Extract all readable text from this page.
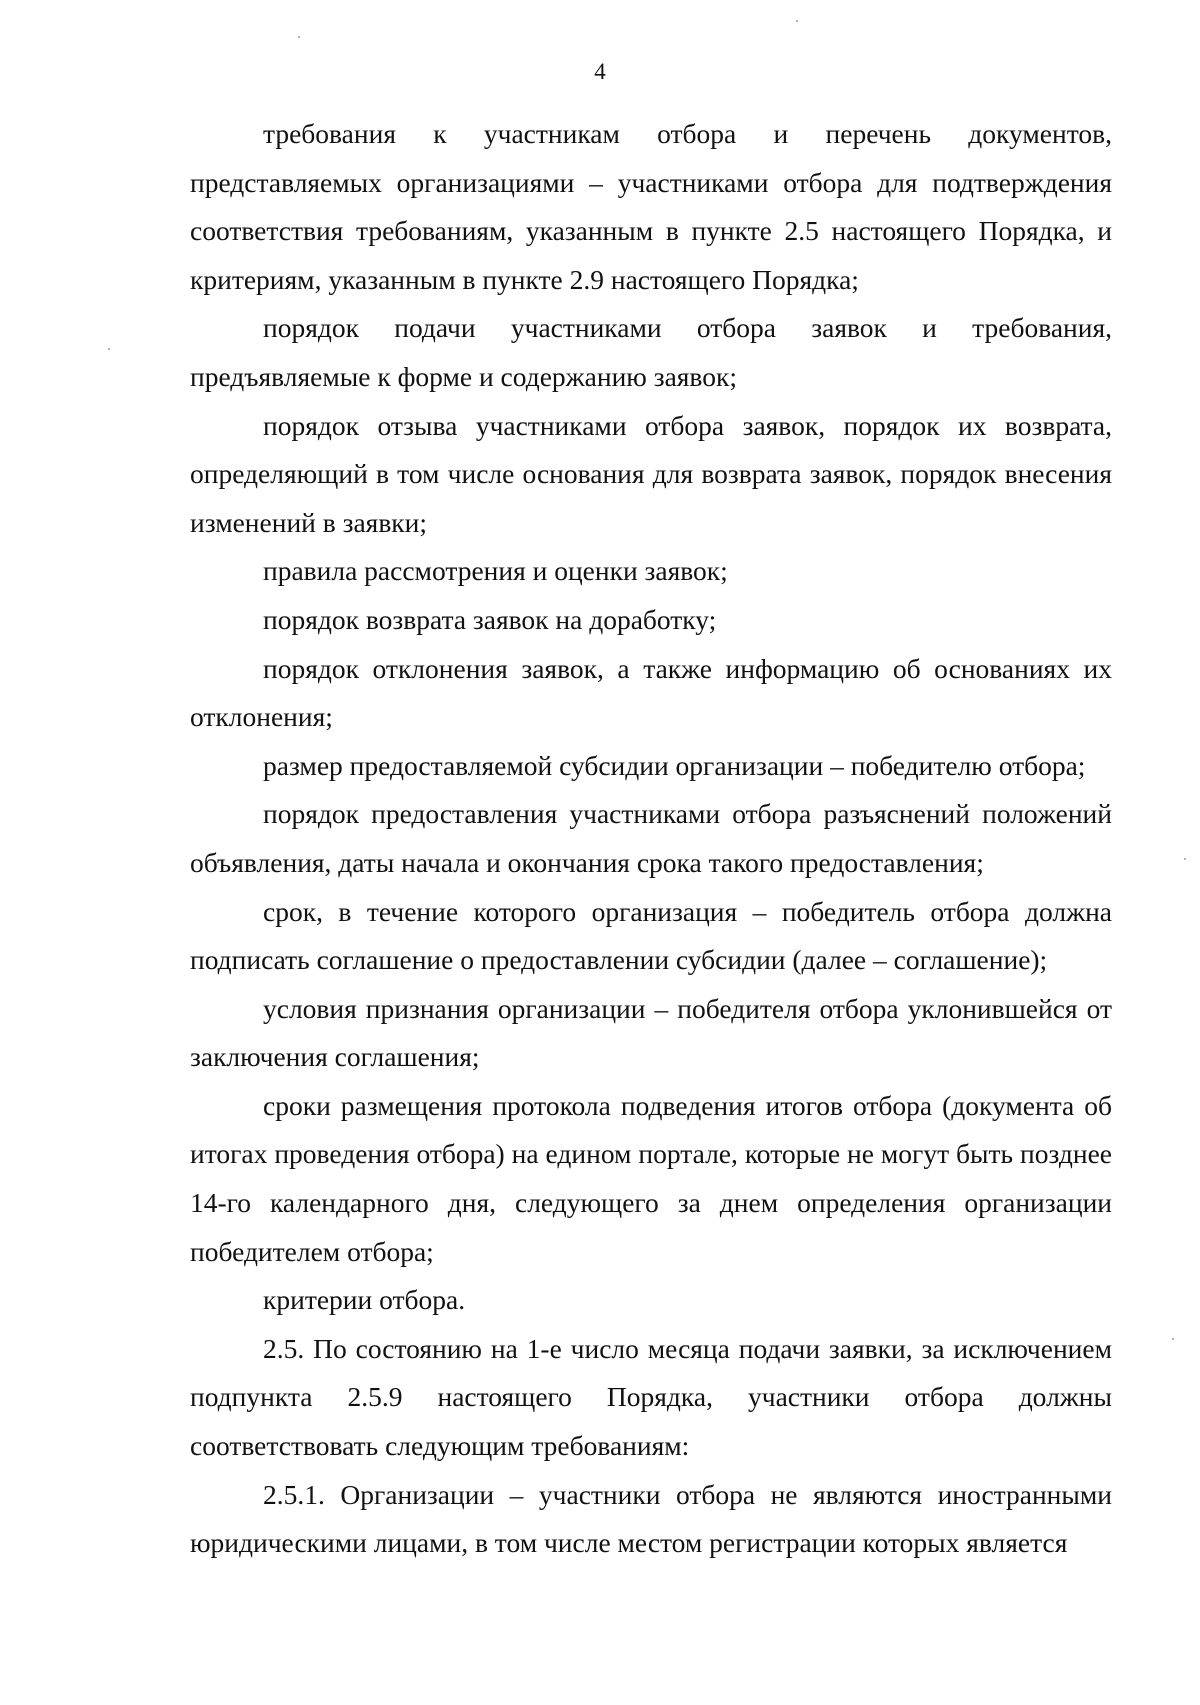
4

требования к участникам отбора и перечень документов, представляемых организациями – участниками отбора для подтверждения соответствия требованиям, указанным в пункте 2.5 настоящего Порядка, и критериям, указанным в пункте 2.9 настоящего Порядка;

порядок подачи участниками отбора заявок и требования, предъявляемые к форме и содержанию заявок;

порядок отзыва участниками отбора заявок, порядок их возврата, определяющий в том числе основания для возврата заявок, порядок внесения изменений в заявки;

правила рассмотрения и оценки заявок;

порядок возврата заявок на доработку;

порядок отклонения заявок, а также информацию об основаниях их отклонения;

размер предоставляемой субсидии организации – победителю отбора;

порядок предоставления участниками отбора разъяснений положений объявления, даты начала и окончания срока такого предоставления;

срок, в течение которого организация – победитель отбора должна подписать соглашение о предоставлении субсидии (далее – соглашение);

условия признания организации – победителя отбора уклонившейся от заключения соглашения;

сроки размещения протокола подведения итогов отбора (документа об итогах проведения отбора) на едином портале, которые не могут быть позднее 14-го календарного дня, следующего за днем определения организации победителем отбора;

критерии отбора.

2.5. По состоянию на 1-е число месяца подачи заявки, за исключением подпункта 2.5.9 настоящего Порядка, участники отбора должны соответствовать следующим требованиям:

2.5.1. Организации – участники отбора не являются иностранными юридическими лицами, в том числе местом регистрации которых является
